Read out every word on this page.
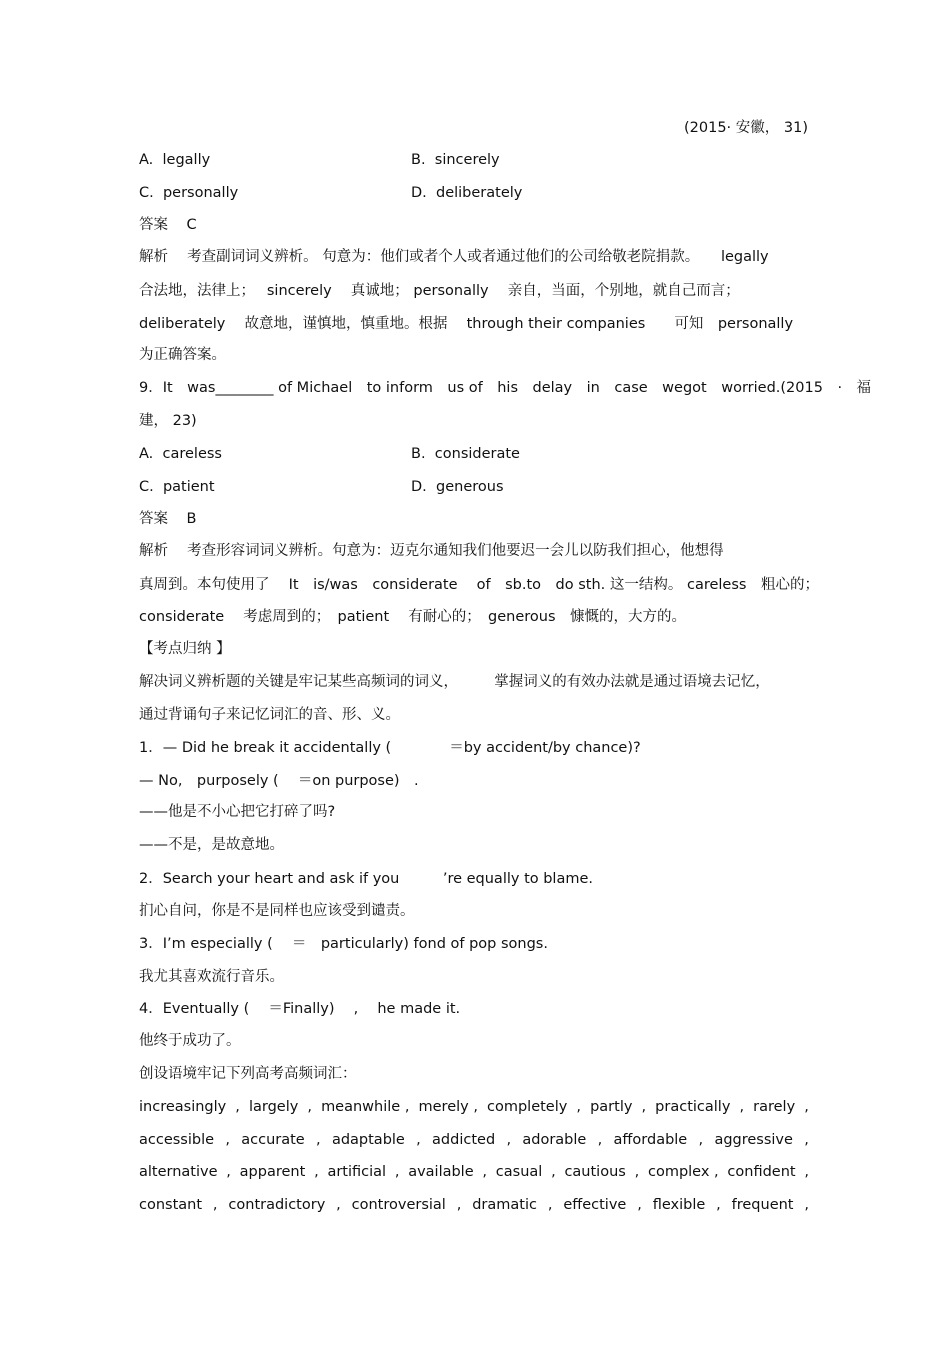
(2015· 安徽， 31)
A. legally	B. sincerely
C. personally	D. deliberately
答案 C
解析　 考查副词词义辨析。 句意为：他们或者个人或者通过他们的公司给敬老院捐款。　　legally
合法地，法律上；　 sincerely　 真诚地； personally　 亲自，当面，个别地，就自己而言；
deliberately　 故意地，谨慎地，慎重地。根据　 through their companies　　可知　personally
为正确答案。
9．It　was________ of Michael　to inform　us of　his　delay　in　case　wegot　worried.(2015　·　福
建， 23)
A. careless	B. considerate
C. patient	D. generous
答案 B
解析　 考查形容词词义辨析。句意为：迈克尔通知我们他要迟一会儿以防我们担心，他想得
真周到。本句使用了　 It　is/was　considerate　 of　sb.to　do sth. 这一结构。 careless　粗心的；
considerate　 考虑周到的；　patient　 有耐心的；　generous　慷慨的，大方的。
【考点归纳 】
解决词义辨析题的关键是牢记某些高频词的词义，　　　掌握词义的有效办法就是通过语境去记忆，
通过背诵句子来记忆词汇的音、形、义。
1．— Did he break it accidentally (　　　　＝by accident/by chance)?
— No,　purposely (　 ＝on purpose)　.
——他是不小心把它打碎了吗?
——不是，是故意地。
2．Search your heart and ask if you　　　’re equally to blame.
扪心自问，你是不是同样也应该受到谴责。
3．I’m especially (　 ＝　particularly) fond of pop songs.
我尤其喜欢流行音乐。
4．Eventually (　 ＝Finally)　 ,　 he made it.
他终于成功了。
创设语境牢记下列高考高频词汇：
increasingly , largely , meanwhile , merely , completely , partly , practically , rarely ,
accessible , accurate , adaptable , addicted , adorable , affordable , aggressive ,
alternative , apparent , artificial , available , casual , cautious , complex , confident ,
constant , contradictory , controversial , dramatic , effective , flexible , frequent ,
